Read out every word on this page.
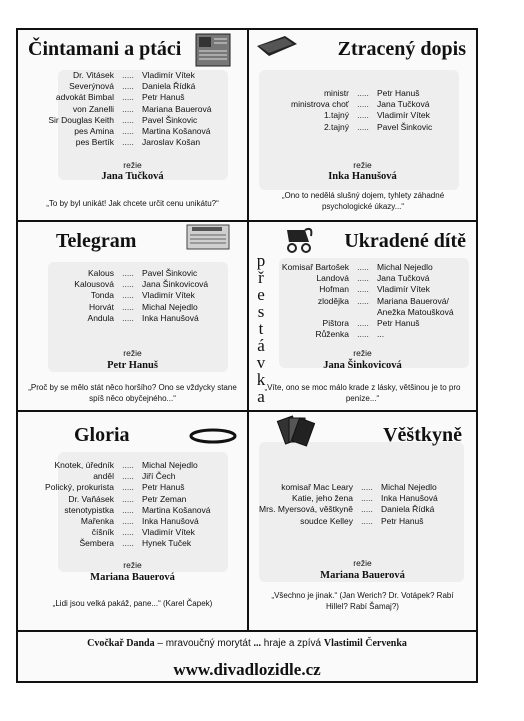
p
ř
e
s
t
á
v
k
a
Čintamani a ptáci
Dr. Vitásek ..... Vladimír Vítek
Severýnová ..... Daniela Řídká
advokát Bimbal ..... Petr Hanuš
von Zanelli ..... Mariana Bauerová
Sir Douglas Keith ..... Pavel Šinkovic
pes Amina ..... Martina Košanová
pes Bertík ..... Jaroslav Košan
režie
Jana Tučková
„To by byl unikát! Jak chcete určit cenu unikátu?“
Ztracený dopis
ministr ..... Petr Hanuš
ministrova choť ..... Jana Tučková
1.tajný ..... Vladimír Vítek
2.tajný ..... Pavel Šinkovic
režie
Inka Hanušová
„Ono to nedělá slušný dojem, tyhlety záhadné psychologické úkazy...“
Telegram
Kalous ..... Pavel Šinkovic
Kalousová ..... Jana Šinkovicová
Tonda ..... Vladimír Vítek
Horvát ..... Michal Nejedlo
Andula ..... Inka Hanušová
režie
Petr Hanuš
„Proč by se mělo stát něco horšího? Ono se vždycky stane spíš něco obyčejného...“
Ukradené dítě
Komisař Bartošek ..... Michal Nejedlo
Landová ..... Jana Tučková
Hofman ..... Vladimír Vítek
zlodějka ..... Mariana Bauerová/
Anežka Matoušková
Pištora ..... Petr Hanuš
Růženka ..... ...
režie
Jana Šinkovicová
„Víte, ono se moc málo krade z lásky, většinou je to pro peníze...“
Gloria
Knotek, úředník ..... Michal Nejedlo
anděl ..... Jiří Čech
Polický, prokurista ..... Petr Hanuš
Dr. Vaňásek ..... Petr Zeman
stenotypistka ..... Martina Košanová
Mařenka ..... Inka Hanušová
číšník ..... Vladimír Vítek
Šembera ..... Hynek Tuček
režie
Mariana Bauerová
„Lidi jsou velká pakáž, pane...“ (Karel Čapek)
Věštkyně
komisař Mac Leary ..... Michal Nejedlo
Katie, jeho žena ..... Inka Hanušová
Mrs. Myersová, věštkyně ..... Daniela Řídká
soudce Kelley ..... Petr Hanuš
režie
Mariana Bauerová
„Všechno je jinak.“ (Jan Werich? Dr. Votápek? Rabí Hillel? Rabí Šamaj?)
Cvočkař Danda – mravoučný morytát ... hraje a zpívá Vlastimil Červenka
www.divadlozidle.cz
